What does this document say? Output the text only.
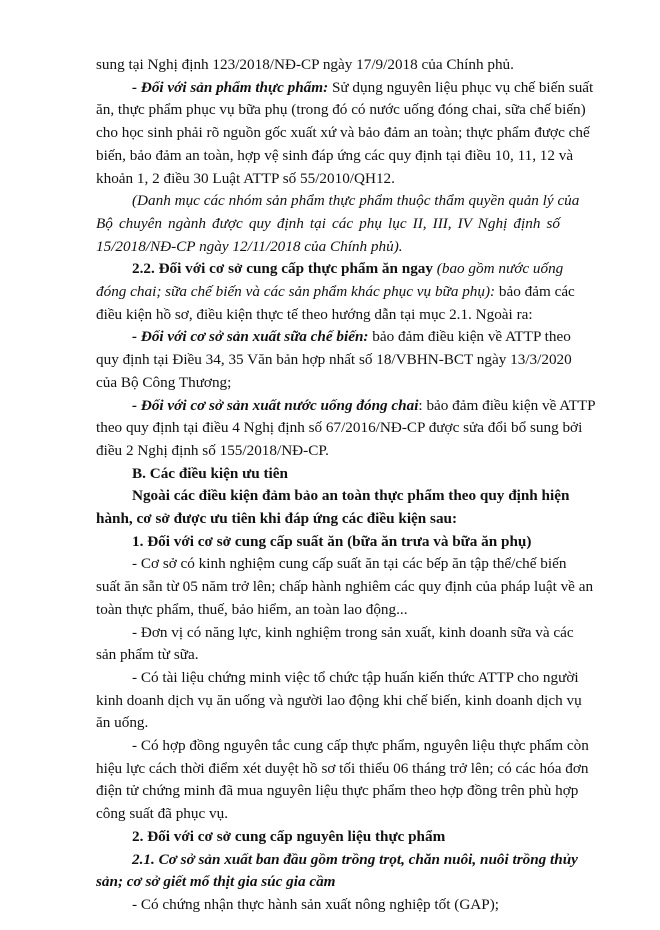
sung tại Nghị định 123/2018/NĐ-CP ngày 17/9/2018 của Chính phủ.
- Đối với sản phẩm thực phẩm: Sử dụng nguyên liệu phục vụ chế biến suất
ăn, thực phẩm phục vụ bữa phụ (trong đó có nước uống đóng chai, sữa chế biến)
cho học sinh phải rõ nguồn gốc xuất xứ và bảo đảm an toàn; thực phẩm được chế
biến, bảo đảm an toàn, hợp vệ sinh đáp ứng các quy định tại điều 10, 11, 12 và
khoản 1, 2 điều 30 Luật ATTP số 55/2010/QH12.
(Danh mục các nhóm sản phẩm thực phẩm thuộc thẩm quyền quản lý của
Bộ chuyên ngành được quy định tại các phụ lục II, III, IV Nghị định số
15/2018/NĐ-CP ngày 12/11/2018 của Chính phủ).
2.2. Đối với cơ sở cung cấp thực phẩm ăn ngay (bao gồm nước uống
đóng chai; sữa chế biến và các sản phẩm khác phục vụ bữa phụ): bảo đảm các
điều kiện hồ sơ, điều kiện thực tế theo hướng dẫn tại mục 2.1. Ngoài ra:
- Đối với cơ sở sản xuất sữa chế biến: bảo đảm điều kiện về ATTP theo
quy định tại Điều 34, 35 Văn bản hợp nhất số 18/VBHN-BCT ngày 13/3/2020
của Bộ Công Thương;
- Đối với cơ sở sản xuất nước uống đóng chai: bảo đảm điều kiện về ATTP
theo quy định tại điều 4 Nghị định số 67/2016/NĐ-CP được sửa đổi bổ sung bởi
điều 2 Nghị định số 155/2018/NĐ-CP.
B. Các điều kiện ưu tiên
Ngoài các điều kiện đảm bảo an toàn thực phẩm theo quy định hiện
hành, cơ sở được ưu tiên khi đáp ứng các điều kiện sau:
1. Đối với cơ sở cung cấp suất ăn (bữa ăn trưa và bữa ăn phụ)
- Cơ sở có kinh nghiệm cung cấp suất ăn tại các bếp ăn tập thể/chế biến
suất ăn sẵn từ 05 năm trở lên; chấp hành nghiêm các quy định của pháp luật về an
toàn thực phẩm, thuế, bảo hiểm, an toàn lao động...
- Đơn vị có năng lực, kinh nghiệm trong sản xuất, kinh doanh sữa và các
sản phẩm từ sữa.
- Có tài liệu chứng minh việc tổ chức tập huấn kiến thức ATTP cho người
kinh doanh dịch vụ ăn uống và người lao động khi chế biến, kinh doanh dịch vụ
ăn uống.
- Có hợp đồng nguyên tắc cung cấp thực phẩm, nguyên liệu thực phẩm còn
hiệu lực cách thời điểm xét duyệt hồ sơ tối thiểu 06 tháng trở lên; có các hóa đơn
điện tử chứng minh đã mua nguyên liệu thực phẩm theo hợp đồng trên phù hợp
công suất đã phục vụ.
2. Đối với cơ sở cung cấp nguyên liệu thực phẩm
2.1. Cơ sở sản xuất ban đầu gồm trồng trọt, chăn nuôi, nuôi trồng thủy
sản; cơ sở giết mổ thịt gia súc gia cầm
- Có chứng nhận thực hành sản xuất nông nghiệp tốt (GAP);
